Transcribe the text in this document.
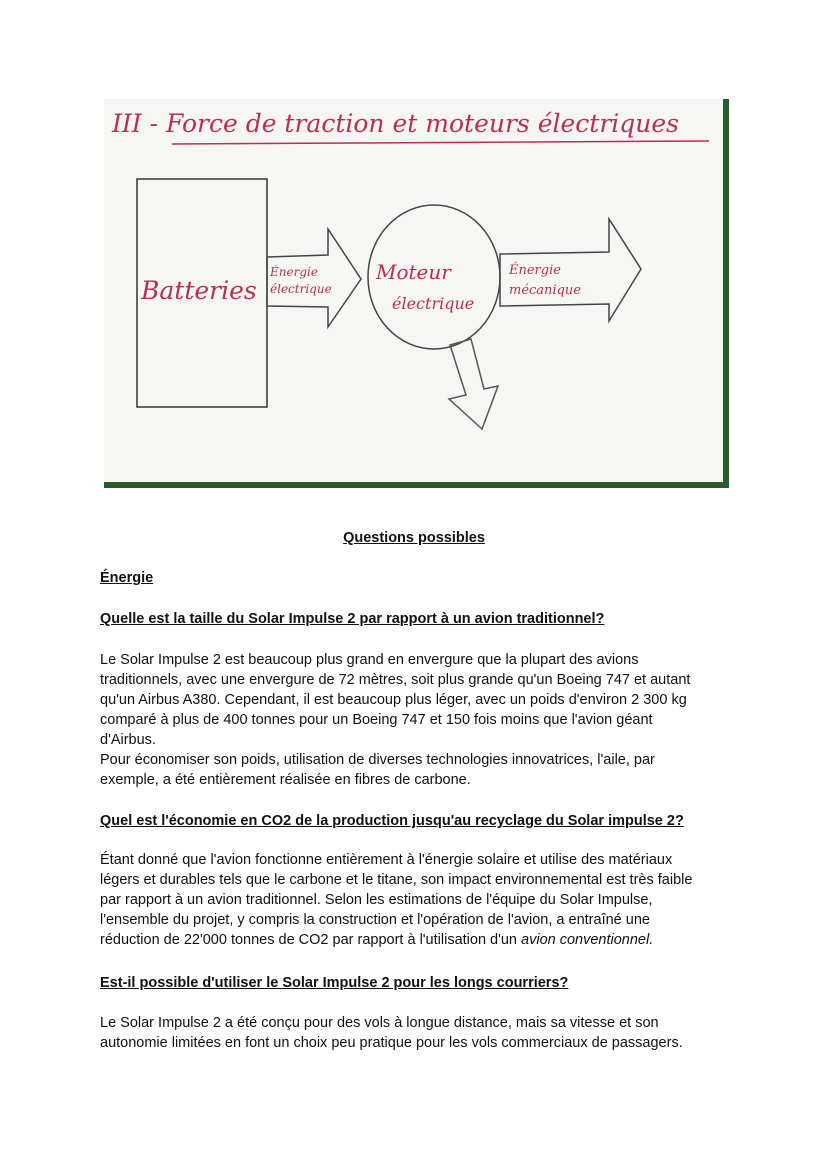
III - Force de traction et moteurs électriques
Batteries
Énergie
électrique
Moteur
électrique
Énergie
mécanique
Questions possibles
Énergie
Quelle est la taille du Solar Impulse 2 par rapport à un avion traditionnel?
Le Solar Impulse 2 est beaucoup plus grand en envergure que la plupart des avions
traditionnels, avec une envergure de 72 mètres, soit plus grande qu'un Boeing 747 et autant
qu'un Airbus A380. Cependant, il est beaucoup plus léger, avec un poids d'environ 2 300 kg
comparé à plus de 400 tonnes pour un Boeing 747 et 150 fois moins que l'avion géant
d'Airbus.
Pour économiser son poids, utilisation de diverses technologies innovatrices, l'aile, par
exemple, a été entièrement réalisée en fibres de carbone.
Quel est l'économie en CO2 de la production jusqu'au recyclage du Solar impulse 2?
Étant donné que l'avion fonctionne entièrement à l'énergie solaire et utilise des matériaux
légers et durables tels que le carbone et le titane, son impact environnemental est très faible
par rapport à un avion traditionnel. Selon les estimations de l'équipe du Solar Impulse,
l'ensemble du projet, y compris la construction et l'opération de l'avion, a entraîné une
réduction de 22'000 tonnes de CO2 par rapport à l'utilisation d'un avion conventionnel.
Est-il possible d'utiliser le Solar Impulse 2 pour les longs courriers?
Le Solar Impulse 2 a été conçu pour des vols à longue distance, mais sa vitesse et son
autonomie limitées en font un choix peu pratique pour les vols commerciaux de passagers.
